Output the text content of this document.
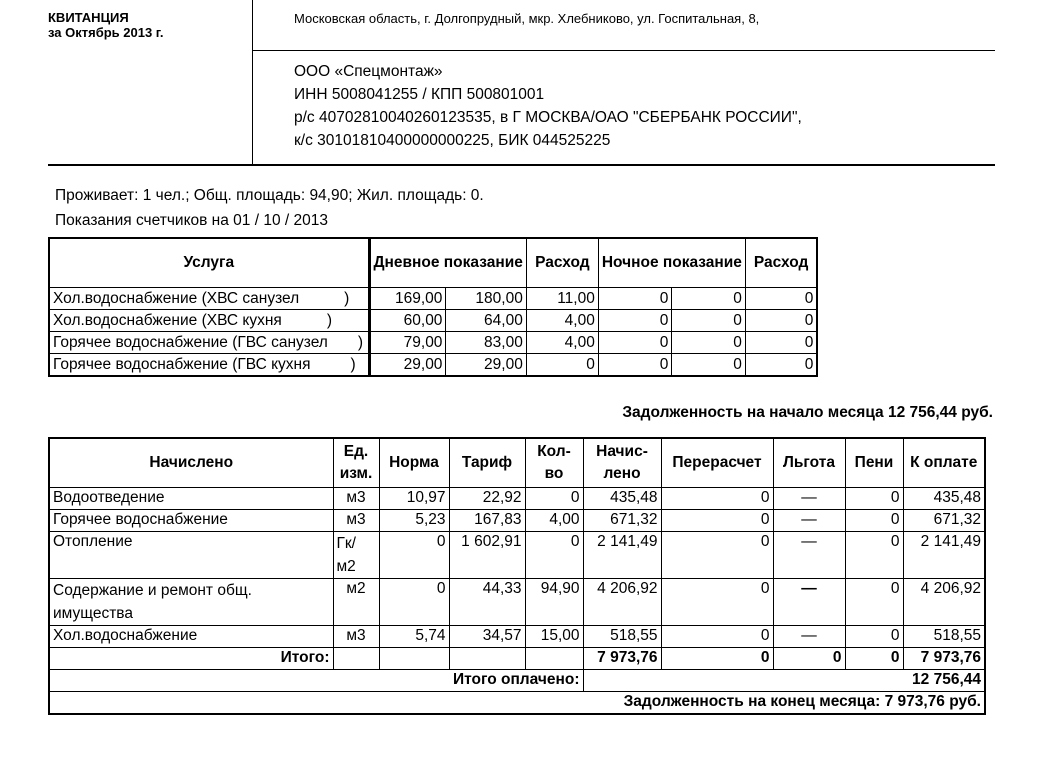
КВИТАНЦИЯ
за Октябрь 2013 г.
Московская область, г. Долгопрудный, мкр. Хлебниково, ул. Госпитальная, 8,
ООО «Спецмонтаж»
ИНН 5008041255 / КПП 500801001
р/с 40702810040260123535, в Г МОСКВА/ОАО "СБЕРБАНК РОССИИ",
к/с 30101810400000000225, БИК 044525225
Проживает: 1 чел.; Общ. площадь: 94,90; Жил. площадь: 0.
Показания счетчиков на 01 / 10 / 2013
Услуга	Дневное показание		Расход	Ночное показание		Расход
Хол.водоснабжение (ХВС санузел )	169,00	180,00	11,00	0	0	0
Хол.водоснабжение (ХВС кухня )	60,00	64,00	4,00	0	0	0
Горячее водоснабжение (ГВС санузел )	79,00	83,00	4,00	0	0	0
Горячее водоснабжение (ГВС кухня )	29,00	29,00	0	0	0	0
Задолженность на начало месяца 12 756,44 руб.
Начислено	Ед. изм.	Норма	Тариф	Кол-во	Начис-лено	Перерасчет	Льгота	Пени	К оплате
Водоотведение	м3	10,97	22,92	0	435,48	0	—	0	435,48
Горячее водоснабжение	м3	5,23	167,83	4,00	671,32	0	—	0	671,32
Отопление	Гк/ м2	0	1 602,91	0	2 141,49	0	—	0	2 141,49
Содержание и ремонт общ. имущества	м2	0	44,33	94,90	4 206,92	0	—	0	4 206,92
Хол.водоснабжение	м3	5,74	34,57	15,00	518,55	0	—	0	518,55
Итого:					7 973,76	0	0	0	7 973,76
Итого оплачено:					12 756,44				
Задолженность на конец месяца: 7 973,76 руб.									
